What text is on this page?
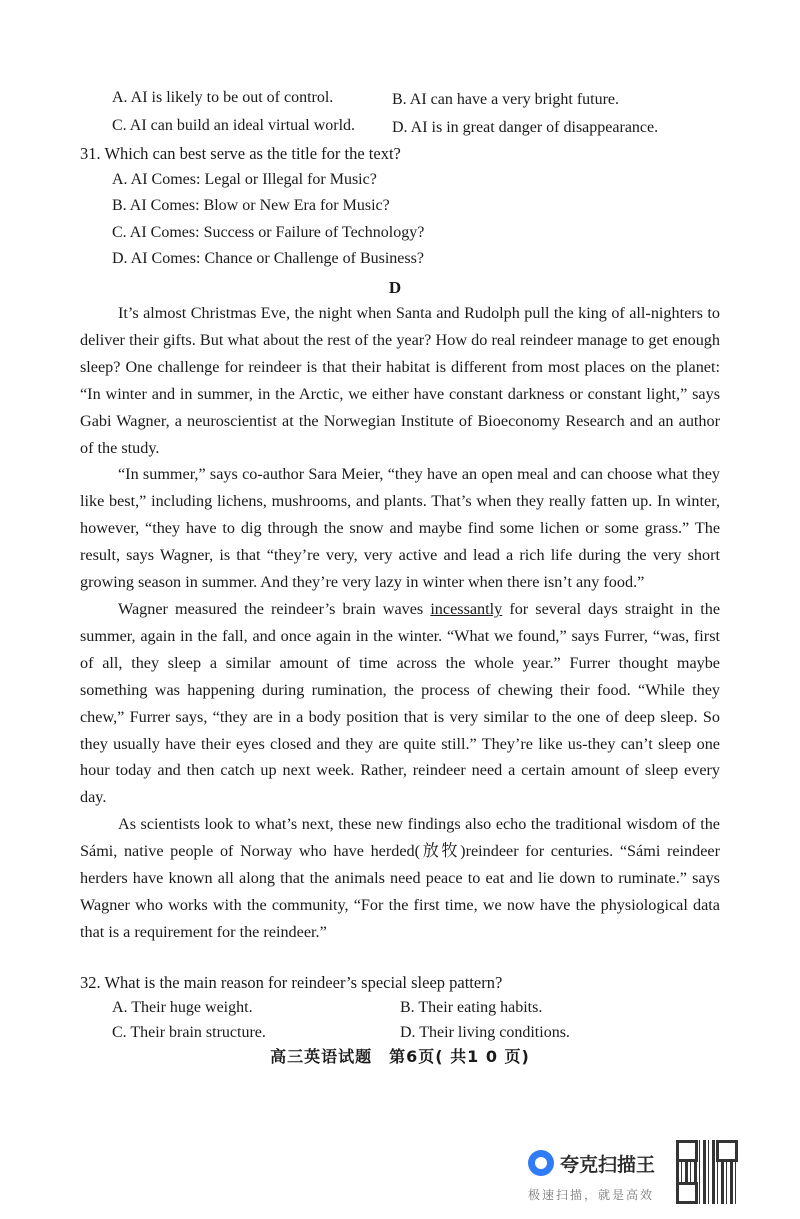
A. AI is likely to be out of control.	B. AI can have a very bright future.
C. AI can build an ideal virtual world. D. AI is in great danger of disappearance.
31. Which can best serve as the title for the text?
A. AI Comes: Legal or Illegal for Music?
B. AI Comes: Blow or New Era for Music?
C. AI Comes: Success or Failure of Technology?
D. AI Comes: Chance or Challenge of Business?
D

It’s almost Christmas Eve, the night when Santa and Rudolph pull the king of all-nighters to deliver their gifts. But what about the rest of the year? How do real reindeer manage to get enough sleep? One challenge for reindeer is that their habitat is different from most places on the planet: “In winter and in summer, in the Arctic, we either have constant darkness or constant light,” says Gabi Wagner, a neuroscientist at the Norwegian Institute of Bioeconomy Research and an author of the study.

“In summer,” says co-author Sara Meier, “they have an open meal and can choose what they like best,” including lichens, mushrooms, and plants. That’s when they really fatten up. In winter, however, “they have to dig through the snow and maybe find some lichen or some grass.” The result, says Wagner, is that “they’re very, very active and lead a rich life during the very short growing season in summer. And they’re very lazy in winter when there isn’t any food.”

Wagner measured the reindeer’s brain waves incessantly for several days straight in the summer, again in the fall, and once again in the winter. “What we found,” says Furrer, “was, first of all, they sleep a similar amount of time across the whole year.” Furrer thought maybe something was happening during rumination, the process of chewing their food. “While they chew,” Furrer says, “they are in a body position that is very similar to the one of deep sleep. So they usually have their eyes closed and they are quite still.” They’re like us-they can’t sleep one hour today and then catch up next week. Rather, reindeer need a certain amount of sleep every day.

As scientists look to what’s next, these new findings also echo the traditional wisdom of the Sámi, native people of Norway who have herded(放牧)reindeer for centuries. “Sámi reindeer herders have known all along that the animals need peace to eat and lie down to ruminate.” says Wagner who works with the community, “For the first time, we now have the physiological data that is a requirement for the reindeer.”

32. What is the main reason for reindeer’s special sleep pattern?
A. Their huge weight.	B. Their eating habits.
C. Their brain structure.	D. Their living conditions.
高三英语试题　第6页( 共1 0 页)
夸克扫描王
极速扫描，就是高效
